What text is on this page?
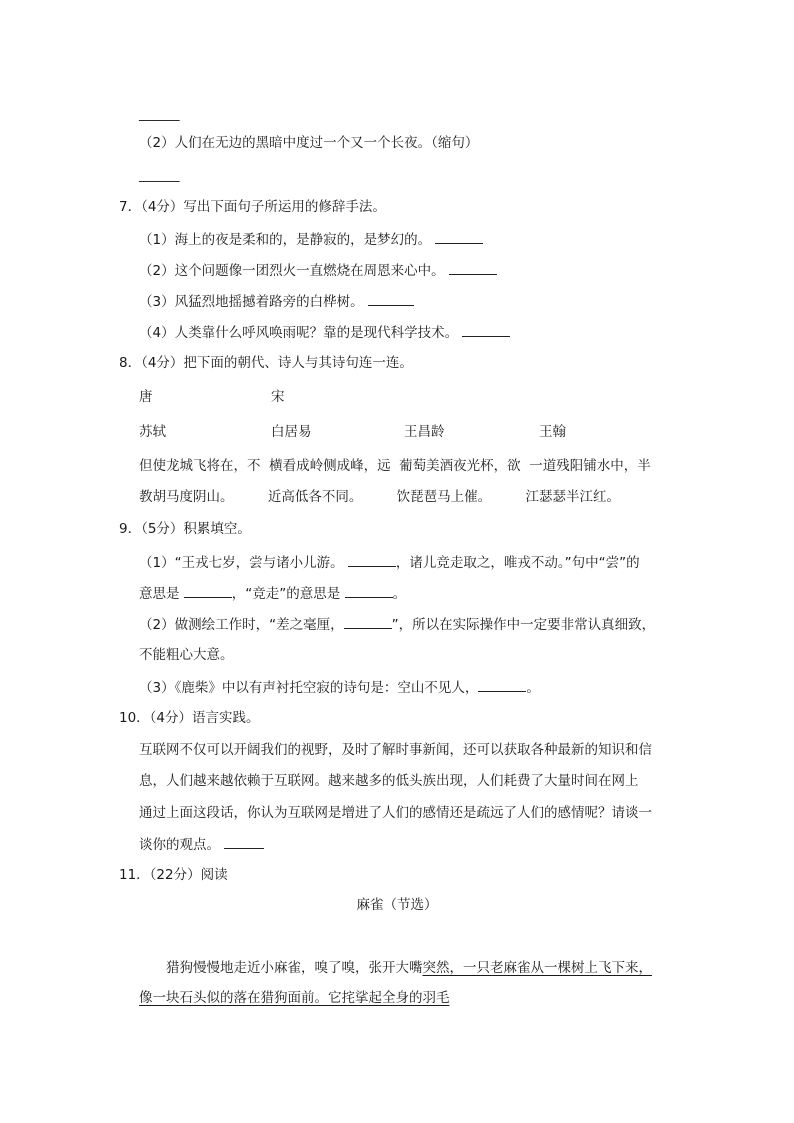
______
（2）人们在无边的黑暗中度过一个又一个长夜。（缩句）
______
7．（4分）写出下面句子所运用的修辞手法。
（1）海上的夜是柔和的，是静寂的，是梦幻的。
（2）这个问题像一团烈火一直燃烧在周恩来心中。
（3）风猛烈地摇撼着路旁的白桦树。
（4）人类靠什么呼风唤雨呢？靠的是现代科学技术。
8．（4分）把下面的朝代、诗人与其诗句连一连。
唐	宋
苏轼	白居易	王昌龄	王翰
但使龙城飞将在，不  横看成岭侧成峰，远  葡萄美酒夜光杯，欲  一道残阳铺水中，半
教胡马度阴山。        近高低各不同。        饮琵琶马上催。        江瑟瑟半江红。
9．（5分）积累填空。
（1）“王戎七岁，尝与诸小儿游。	，诸儿竞走取之，唯戎不动。”句中“尝”的
意思是	，“竞走”的意思是	。
（2）做测绘工作时，“差之毫厘，	”，所以在实际操作中一定要非常认真细致，
不能粗心大意。
（3）《鹿柴》中以有声衬托空寂的诗句是：空山不见人，	。
10．（4分）语言实践。
互联网不仅可以开阔我们的视野，及时了解时事新闻，还可以获取各种最新的知识和信
息，人们越来越依赖于互联网。越来越多的低头族出现，人们耗费了大量时间在网上
通过上面这段话，你认为互联网是增进了人们的感情还是疏远了人们的感情呢？请谈一
谈你的观点。
11．（22分）阅读
麻雀（节选）
猎狗慢慢地走近小麻雀，嗅了嗅，张开大嘴突然，一只老麻雀从一棵树上飞下来，
像一块石头似的落在猎狗面前。它挓挲起全身的羽毛
